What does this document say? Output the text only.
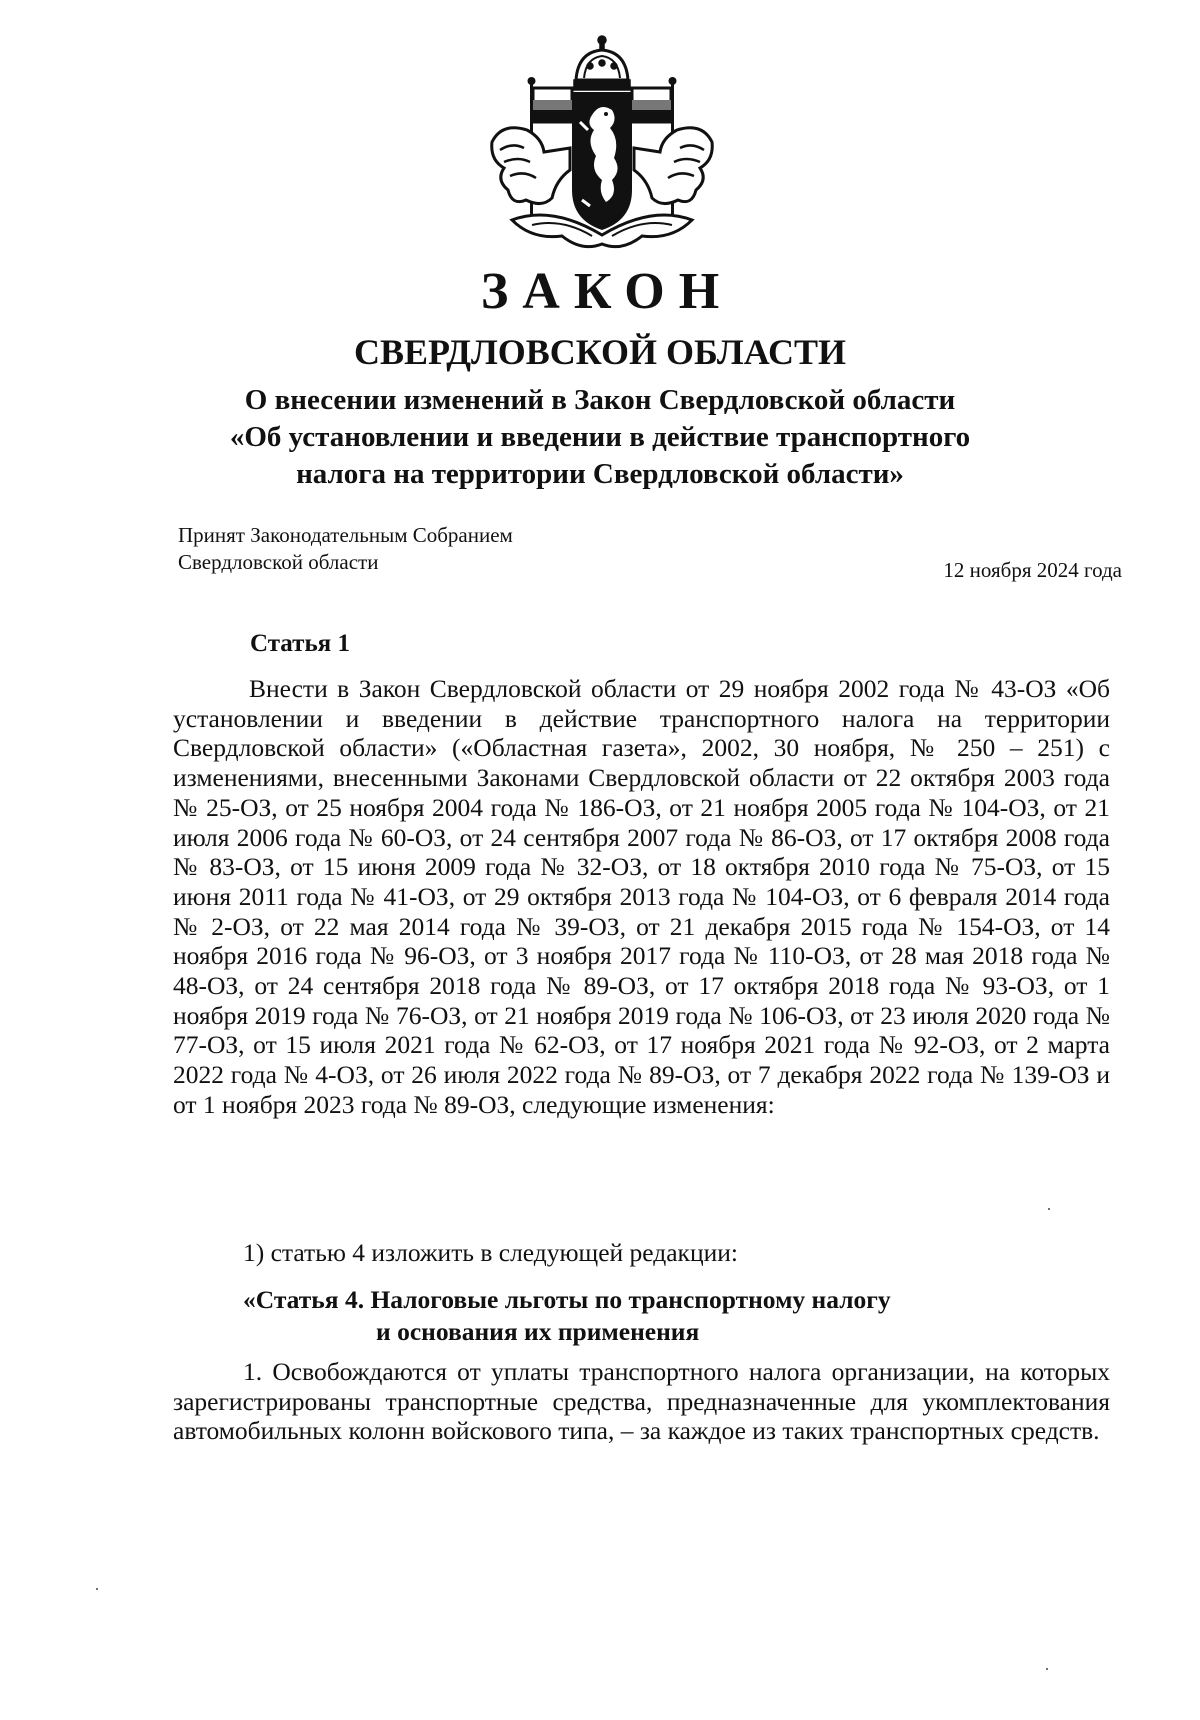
ЗАКОН
СВЕРДЛОВСКОЙ ОБЛАСТИ
О внесении изменений в Закон Свердловской области
«Об установлении и введении в действие транспортного
налога на территории Свердловской области»
Принят Законодательным Собранием
Свердловской области	12 ноября 2024 года
Статья 1
Внести в Закон Свердловской области от 29 ноября 2002 года № 43-ОЗ «Об установлении и введении в действие транспортного налога на территории Свердловской области» («Областная газета», 2002, 30 ноября, № 250 – 251) с изменениями, внесенными Законами Свердловской области от 22 октября 2003 года № 25-ОЗ, от 25 ноября 2004 года № 186-ОЗ, от 21 ноября 2005 года № 104-ОЗ, от 21 июля 2006 года № 60-ОЗ, от 24 сентября 2007 года № 86-ОЗ, от 17 октября 2008 года № 83-ОЗ, от 15 июня 2009 года № 32-ОЗ, от 18 октября 2010 года № 75-ОЗ, от 15 июня 2011 года № 41-ОЗ, от 29 октября 2013 года № 104-ОЗ, от 6 февраля 2014 года № 2-ОЗ, от 22 мая 2014 года № 39-ОЗ, от 21 декабря 2015 года № 154-ОЗ, от 14 ноября 2016 года № 96-ОЗ, от 3 ноября 2017 года № 110-ОЗ, от 28 мая 2018 года № 48-ОЗ, от 24 сентября 2018 года № 89-ОЗ, от 17 октября 2018 года № 93-ОЗ, от 1 ноября 2019 года № 76-ОЗ, от 21 ноября 2019 года № 106-ОЗ, от 23 июля 2020 года № 77-ОЗ, от 15 июля 2021 года № 62-ОЗ, от 17 ноября 2021 года № 92-ОЗ, от 2 марта 2022 года № 4-ОЗ, от 26 июля 2022 года № 89-ОЗ, от 7 декабря 2022 года № 139-ОЗ и от 1 ноября 2023 года № 89-ОЗ, следующие изменения:
1) статью 4 изложить в следующей редакции:
«Статья 4. Налоговые льготы по транспортному налогу
и основания их применения
1. Освобождаются от уплаты транспортного налога организации, на которых зарегистрированы транспортные средства, предназначенные для укомплектования автомобильных колонн войскового типа, – за каждое из таких транспортных средств.
